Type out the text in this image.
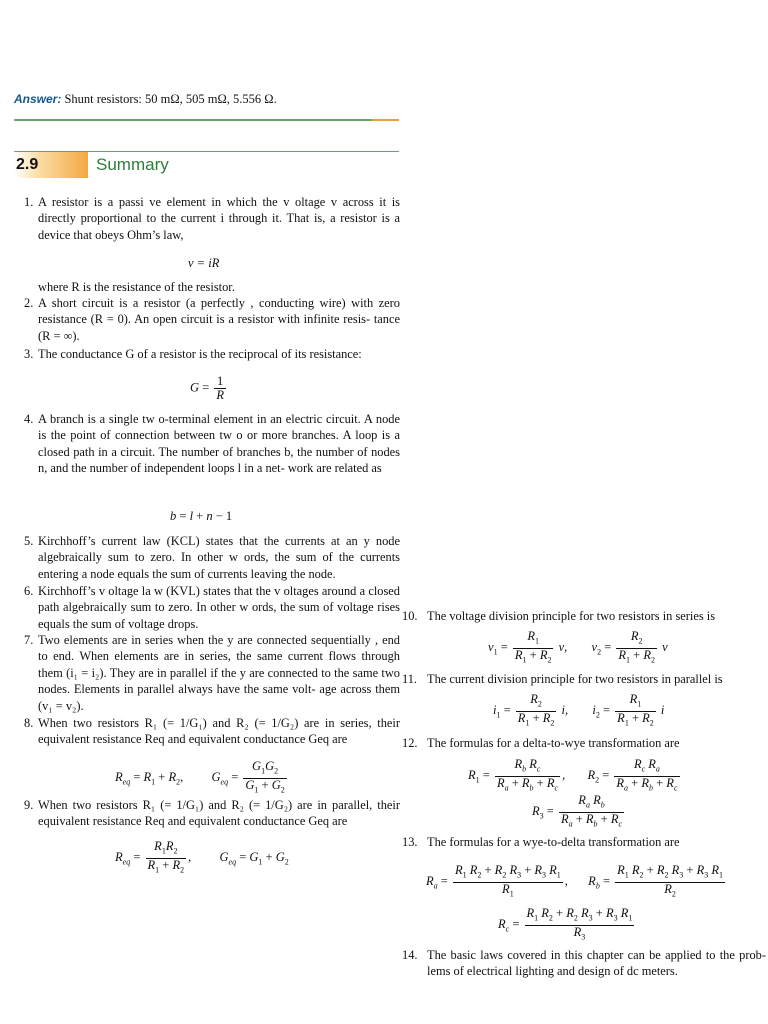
Answer: Shunt resistors: 50 mΩ, 505 mΩ, 5.556 Ω.
2.9	Summary
1. A resistor is a passi ve element in which the v oltage v across it is directly proportional to the current i through it. That is, a resistor is a device that obeys Ohm’s law,

v = iR

where R is the resistance of the resistor.

2. A short circuit is a resistor (a perfectly , conducting wire) with zero resistance (R = 0). An open circuit is a resistor with infinite resis- tance (R = ∞).

3. The conductance G of a resistor is the reciprocal of its resistance:

$G = \frac{1}{R}$
4. A branch is a single tw o-terminal element in an electric circuit. A node is the point of connection between tw o or more branches. A loop is a closed path in a circuit. The number of branches b, the number of nodes n, and the number of independent loops l in a net- work are related as

b = l + n − 1
5. Kirchhoff’s current law (KCL) states that the currents at an y node algebraically sum to zero. In other w ords, the sum of the currents entering a node equals the sum of currents leaving the node.

6. Kirchhoff’s v oltage la w (KVL) states that the v oltages around a closed path algebraically sum to zero. In other w ords, the sum of voltage rises equals the sum of voltage drops.

7. Two elements are in series when the y are connected sequentially , end to end. When elements are in series, the same current flows through them (i₁ = i₂). They are in parallel if the y are connected to the same two nodes. Elements in parallel always have the same volt- age across them (v₁ = v₂).

8. When two resistors R₁ (= 1/G₁) and R₂ (= 1/G₂) are in series, their equivalent resistance Req and equivalent conductance Geq are

$R_{eq} = R_1 + R_2$,  $G_{eq} = \frac{G_1G_2}{G_1 + G_2}$
9. When two resistors R₁ (= 1/G₁) and R₂ (= 1/G₂) are in parallel, their equivalent resistance Req and equivalent conductance Geq are

$R_{eq} = \frac{R_1R_2}{R_1 + R_2}$ ,  $G_{eq} = G_1 + G_2$
10. The voltage division principle for two resistors in series is

$v_1 = \frac{R_1}{R_1 + R_2} v$,  $v_2 = \frac{R_2}{R_1 + R_2}$ v
11. The current division principle for two resistors in parallel is

$i_1 = \frac{R_2}{R_1 + R_2} i$,  $i_2 = \frac{R_1}{R_1 + R_2}$ i
12. The formulas for a delta-to-wye transformation are

$R_1 = \frac{R_b R_c}{R_a + R_b + R_c}$ ,  $R_2 = \frac{R_c R_a}{R_a + R_b + R_c}$
$R_3 = \frac{R_a R_b}{R_a + R_b + R_c}$
13. The formulas for a wye-to-delta transformation are

$R_a = \frac{R_1 R_2 + R_2 R_3 + R_3 R_1}{R_1}$ ,  $R_b = \frac{R_1 R_2 + R_2 R_3 + R_3 R_1}{R_2}$
$R_c = \frac{R_1 R_2 + R_2 R_3 + R_3 R_1}{R_3}$
14. The basic laws covered in this chapter can be applied to the prob- lems of electrical lighting and design of dc meters.
